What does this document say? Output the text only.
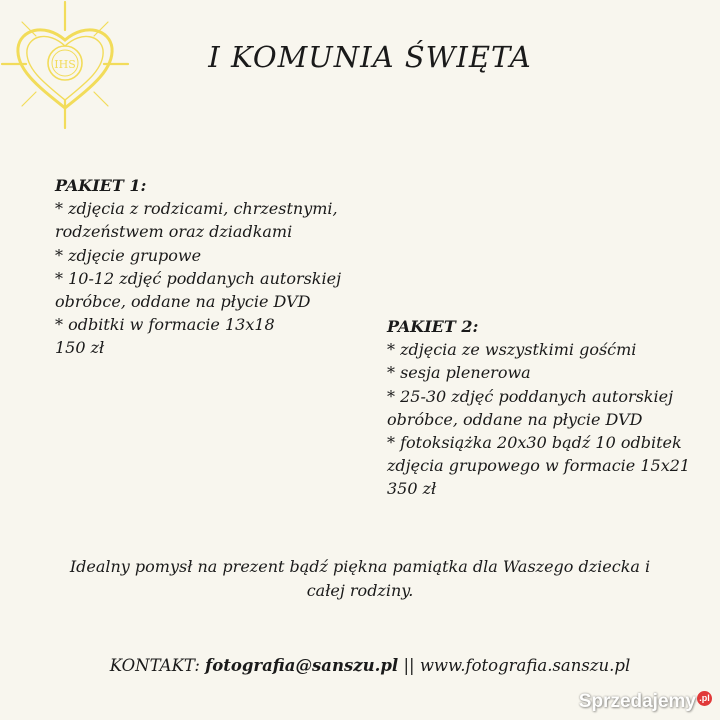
IHS	I KOMUNIA ŚWIĘTA
PAKIET 1:
* zdjęcia z rodzicami, chrzestnymi,
rodzeństwem oraz dziadkami
* zdjęcie grupowe
* 10-12 zdjęć poddanych autorskiej
obróbce, oddane na płycie DVD
* odbitki w formacie 13x18
150 zł
PAKIET 2:
* zdjęcia ze wszystkimi gośćmi
* sesja plenerowa
* 25-30 zdjęć poddanych autorskiej
obróbce, oddane na płycie DVD
* fotoksiążka 20x30 bądź 10 odbitek
zdjęcia grupowego w formacie 15x21
350 zł
Idealny pomysł na prezent bądź piękna pamiątka dla Waszego dziecka i
całej rodziny.
KONTAKT: fotografia@sanszu.pl || www.fotografia.sanszu.pl
Sprzedajemy .pl
